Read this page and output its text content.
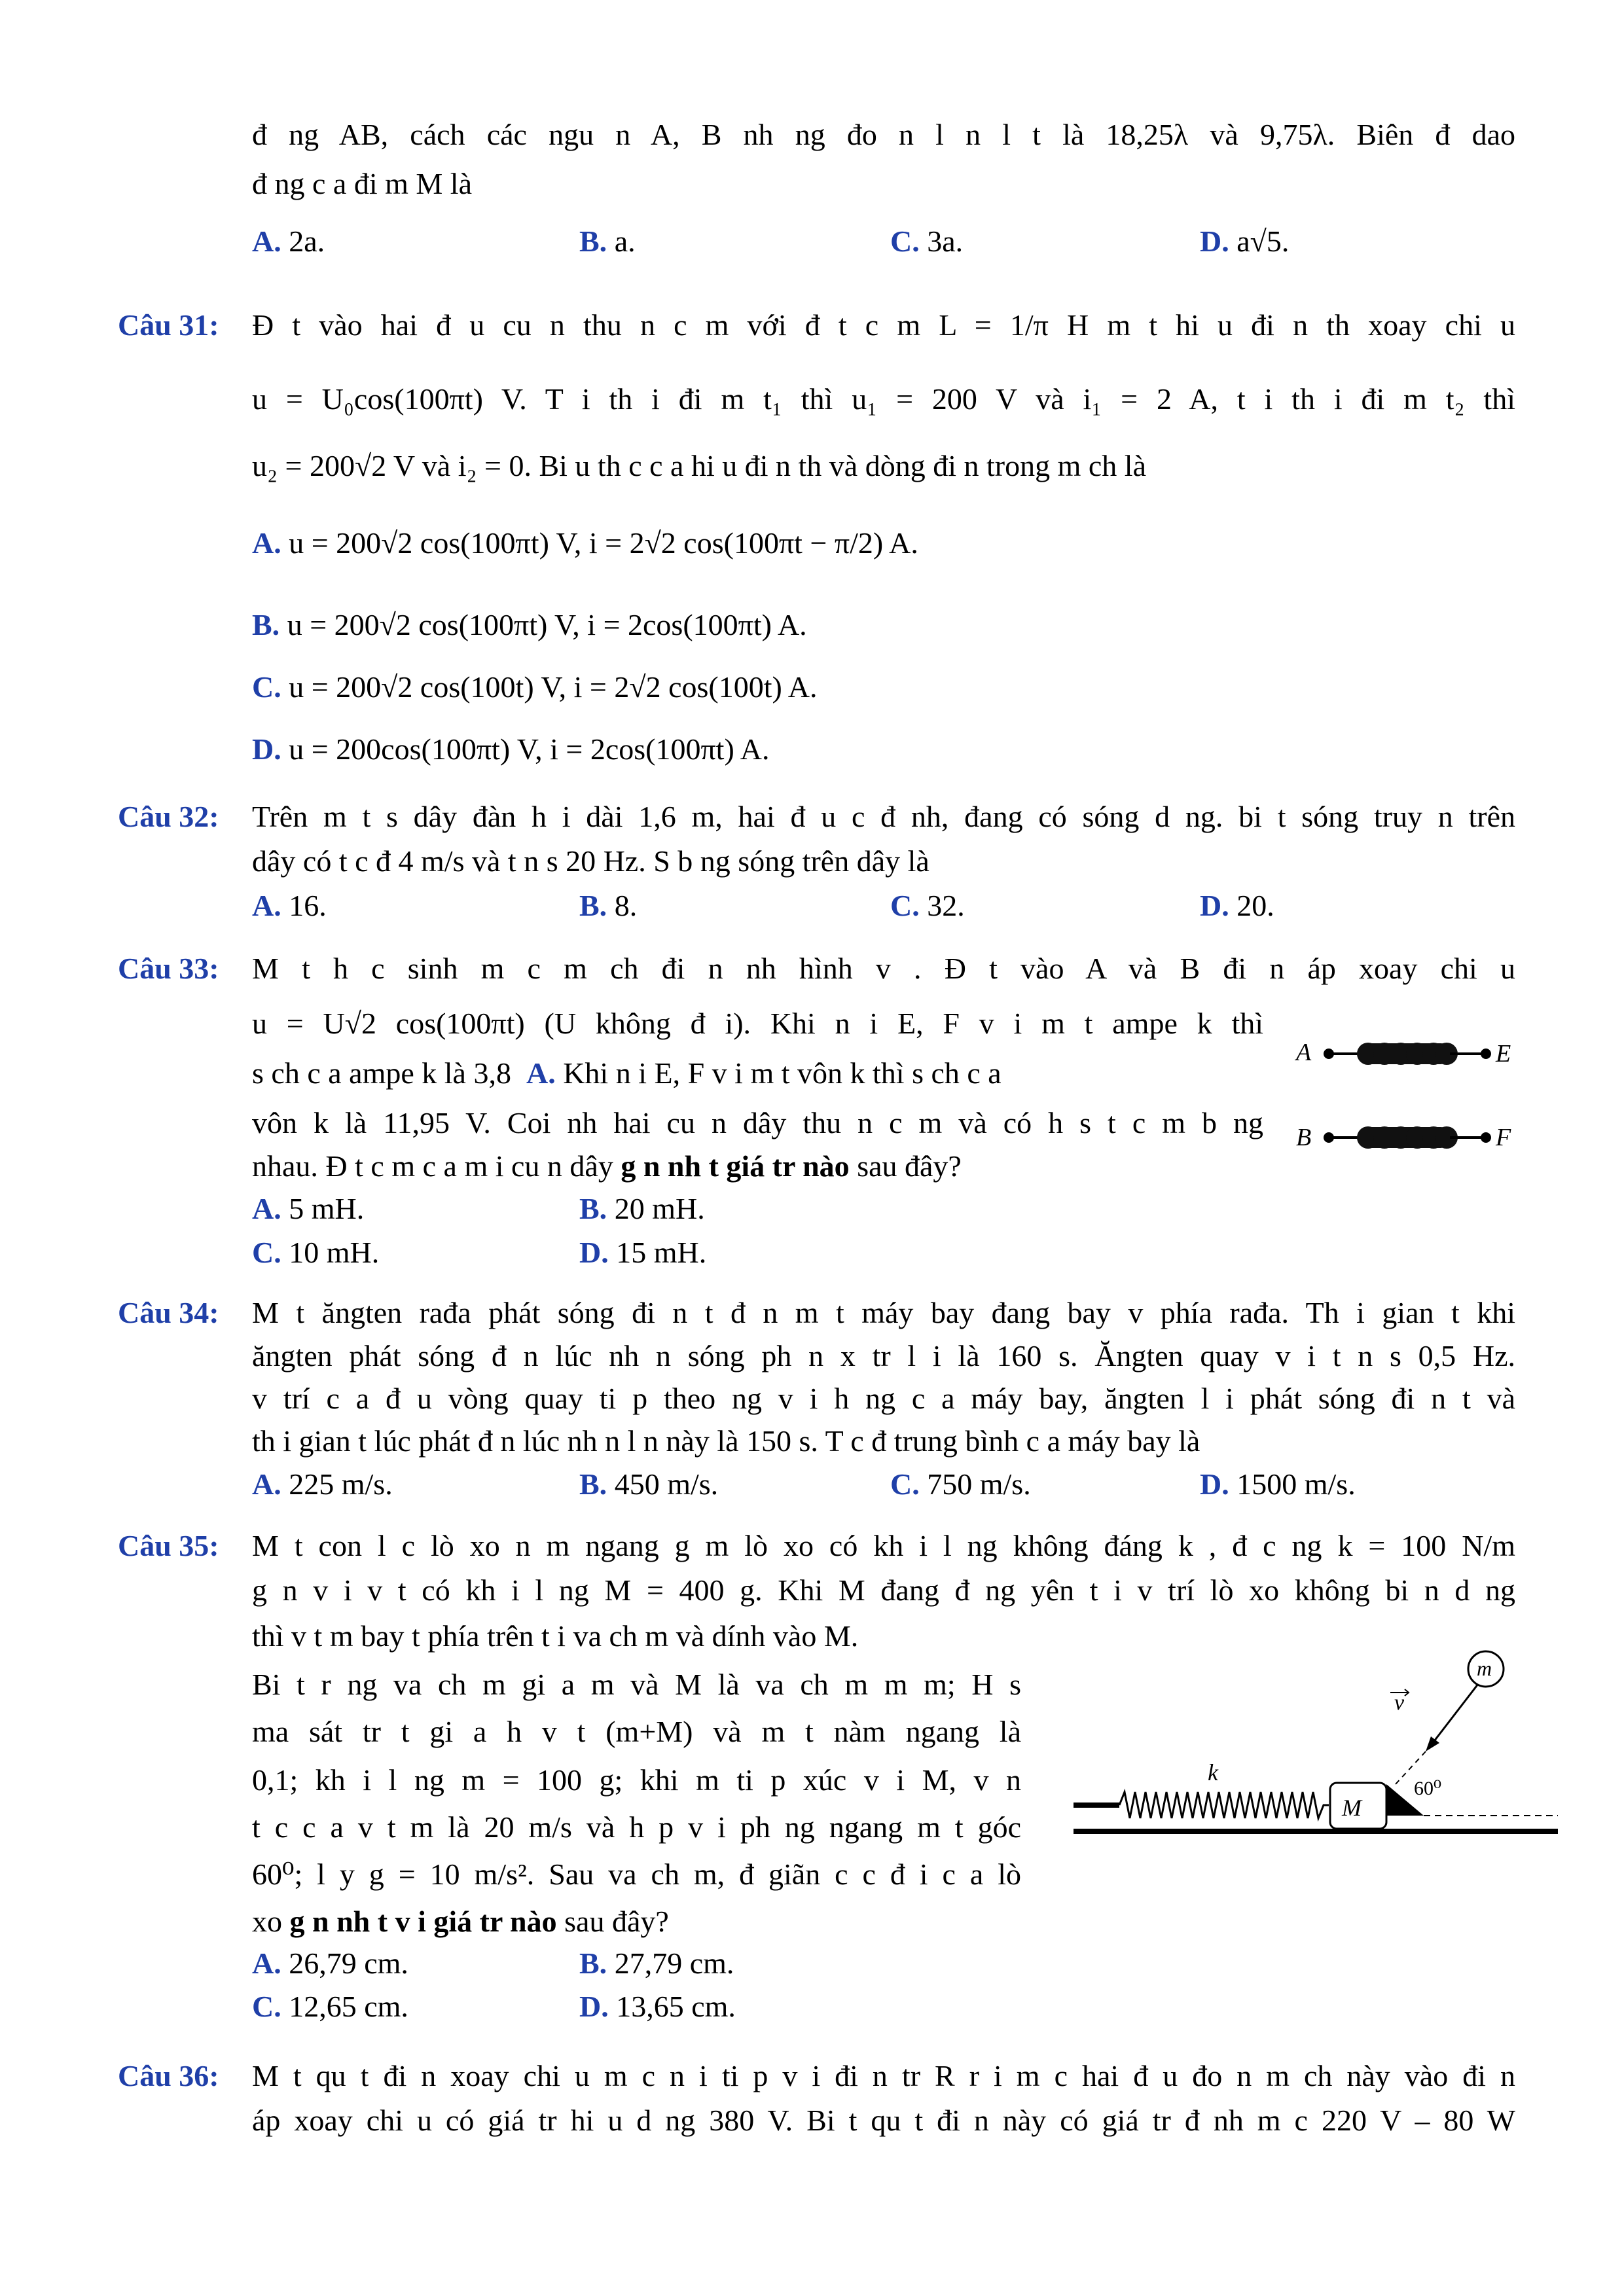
đ ng AB, cách các ngu n A, B nh ng đo n l n l t là 18,25λ và 9,75λ. Biên đ dao
đ ng c a đi m M là
A. 2a.	B. a.	C. 3a.	D. a√5.
Câu 31: Đ t vào hai đ u cu n thu n c m với đ t c m L = 1/π H m t hi u đi n th xoay chi u
u = U₀cos(100πt) V. T i th i đi m t₁ thì u₁ = 200 V và i₁ = 2 A, t i th i đi m t₂ thì
u₂ = 200√2 V và i₂ = 0. Bi u th c c a hi u đi n th và dòng đi n trong m ch là
A. u = 200√2 cos(100πt) V, i = 2√2 cos(100πt − π/2) A.
B. u = 200√2 cos(100πt) V, i = 2cos(100πt) A.
C. u = 200√2 cos(100t) V, i = 2√2 cos(100t) A.
D. u = 200cos(100πt) V, i = 2cos(100πt) A.
Câu 32: Trên m t s dây đàn h i dài 1,6 m, hai đ u c đ nh, đang có sóng d ng. bi t sóng truy n trên
dây có t c đ 4 m/s và t n s 20 Hz. S b ng sóng trên dây là
A. 16.	B. 8.	C. 32.	D. 20.
Câu 33: M t h c sinh m c m ch đi n nh hình v . Đ t vào A và B đi n áp xoay chi u
u = U√2 cos(100πt) (U không đ i). Khi n i E, F v i m t ampe k thì
s ch c a ampe k là 3,8 A. Khi n i E, F v i m t vôn k thì s ch c a
vôn k là 11,95 V. Coi nh hai cu n dây thu n c m và có h s t c m b ng
nhau. Đ t c m c a m i cu n dây g n nh t giá tr nào sau đây?
A. 5 mH.	B. 20 mH.
C. 10 mH.	D. 15 mH.
A	E
B	F
Câu 34: M t ăngten rađa phát sóng đi n t đ n m t máy bay đang bay v phía rađa. Th i gian t khi
ăngten phát sóng đ n lúc nh n sóng ph n x tr l i là 160 s. Ăngten quay v i t n s 0,5 Hz.
v trí c a đ u vòng quay ti p theo ng v i h ng c a máy bay, ăngten l i phát sóng đi n t và
th i gian t lúc phát đ n lúc nh n l n này là 150 s. T c đ trung bình c a máy bay là
A. 225 m/s.	B. 450 m/s.	C. 750 m/s.	D. 1500 m/s.
Câu 35: M t con l c lò xo n m ngang g m lò xo có kh i l ng không đáng k , đ c ng k = 100 N/m
g n v i v t có kh i l ng M = 400 g. Khi M đang đ ng yên t i v trí lò xo không bi n d ng
thì v t m bay t phía trên t i va ch m và dính vào M.
Bi t r ng va ch m gi a m và M là va ch m m m; H s
ma sát tr t gi a h v t (m+M) và m t nàm ngang là
0,1; kh i l ng m = 100 g; khi m ti p xúc v i M, v n
t c c a v t m là 20 m/s và h p v i ph ng ngang m t góc
60⁰; l y g = 10 m/s². Sau va ch m, đ giãn c c đ i c a lò
xo g n nh t v i giá tr nào sau đây?
A. 26,79 cm.	B. 27,79 cm.
C. 12,65 cm.	D. 13,65 cm.
k
M
60⁰
m
v
Câu 36: M t qu t đi n xoay chi u m c n i ti p v i đi n tr R r i m c hai đ u đo n m ch này vào đi n
áp xoay chi u có giá tr hi u d ng 380 V. Bi t qu t đi n này có giá tr đ nh m c 220 V – 80 W
